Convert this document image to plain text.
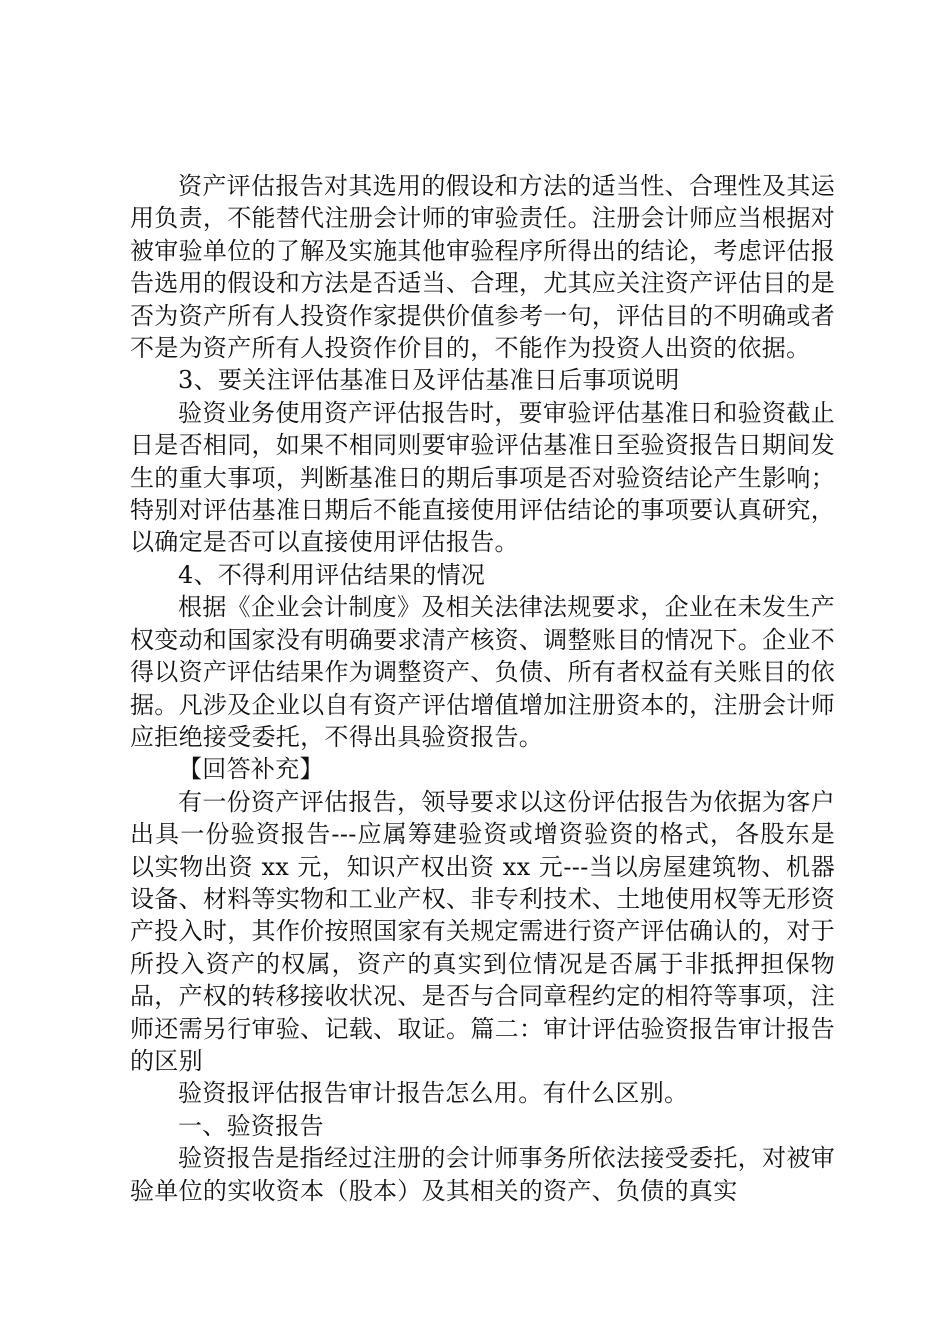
资产评估报告对其选用的假设和方法的适当性、合理性及其运用负责，不能替代注册会计师的审验责任。注册会计师应当根据对被审验单位的了解及实施其他审验程序所得出的结论，考虑评估报告选用的假设和方法是否适当、合理，尤其应关注资产评估目的是否为资产所有人投资作家提供价值参考一句，评估目的不明确或者不是为资产所有人投资作价目的，不能作为投资人出资的依据。

3、要关注评估基准日及评估基准日后事项说明

验资业务使用资产评估报告时，要审验评估基准日和验资截止日是否相同，如果不相同则要审验评估基准日至验资报告日期间发生的重大事项，判断基准日的期后事项是否对验资结论产生影响；特别对评估基准日期后不能直接使用评估结论的事项要认真研究，以确定是否可以直接使用评估报告。

4、不得利用评估结果的情况

根据《企业会计制度》及相关法律法规要求，企业在未发生产权变动和国家没有明确要求清产核资、调整账目的情况下。企业不得以资产评估结果作为调整资产、负债、所有者权益有关账目的依据。凡涉及企业以自有资产评估增值增加注册资本的，注册会计师应拒绝接受委托，不得出具验资报告。

【回答补充】

有一份资产评估报告，领导要求以这份评估报告为依据为客户出具一份验资报告---应属筹建验资或增资验资的格式，各股东是以实物出资 xx 元，知识产权出资 xx 元---当以房屋建筑物、机器设备、材料等实物和工业产权、非专利技术、土地使用权等无形资产投入时，其作价按照国家有关规定需进行资产评估确认的，对于所投入资产的权属，资产的真实到位情况是否属于非抵押担保物品，产权的转移接收状况、是否与合同章程约定的相符等事项，注师还需另行审验、记载、取证。篇二：审计评估验资报告审计报告的区别

验资报评估报告审计报告怎么用。有什么区别。

一、验资报告

验资报告是指经过注册的会计师事务所依法接受委托，对被审验单位的实收资本（股本）及其相关的资产、负债的真实
